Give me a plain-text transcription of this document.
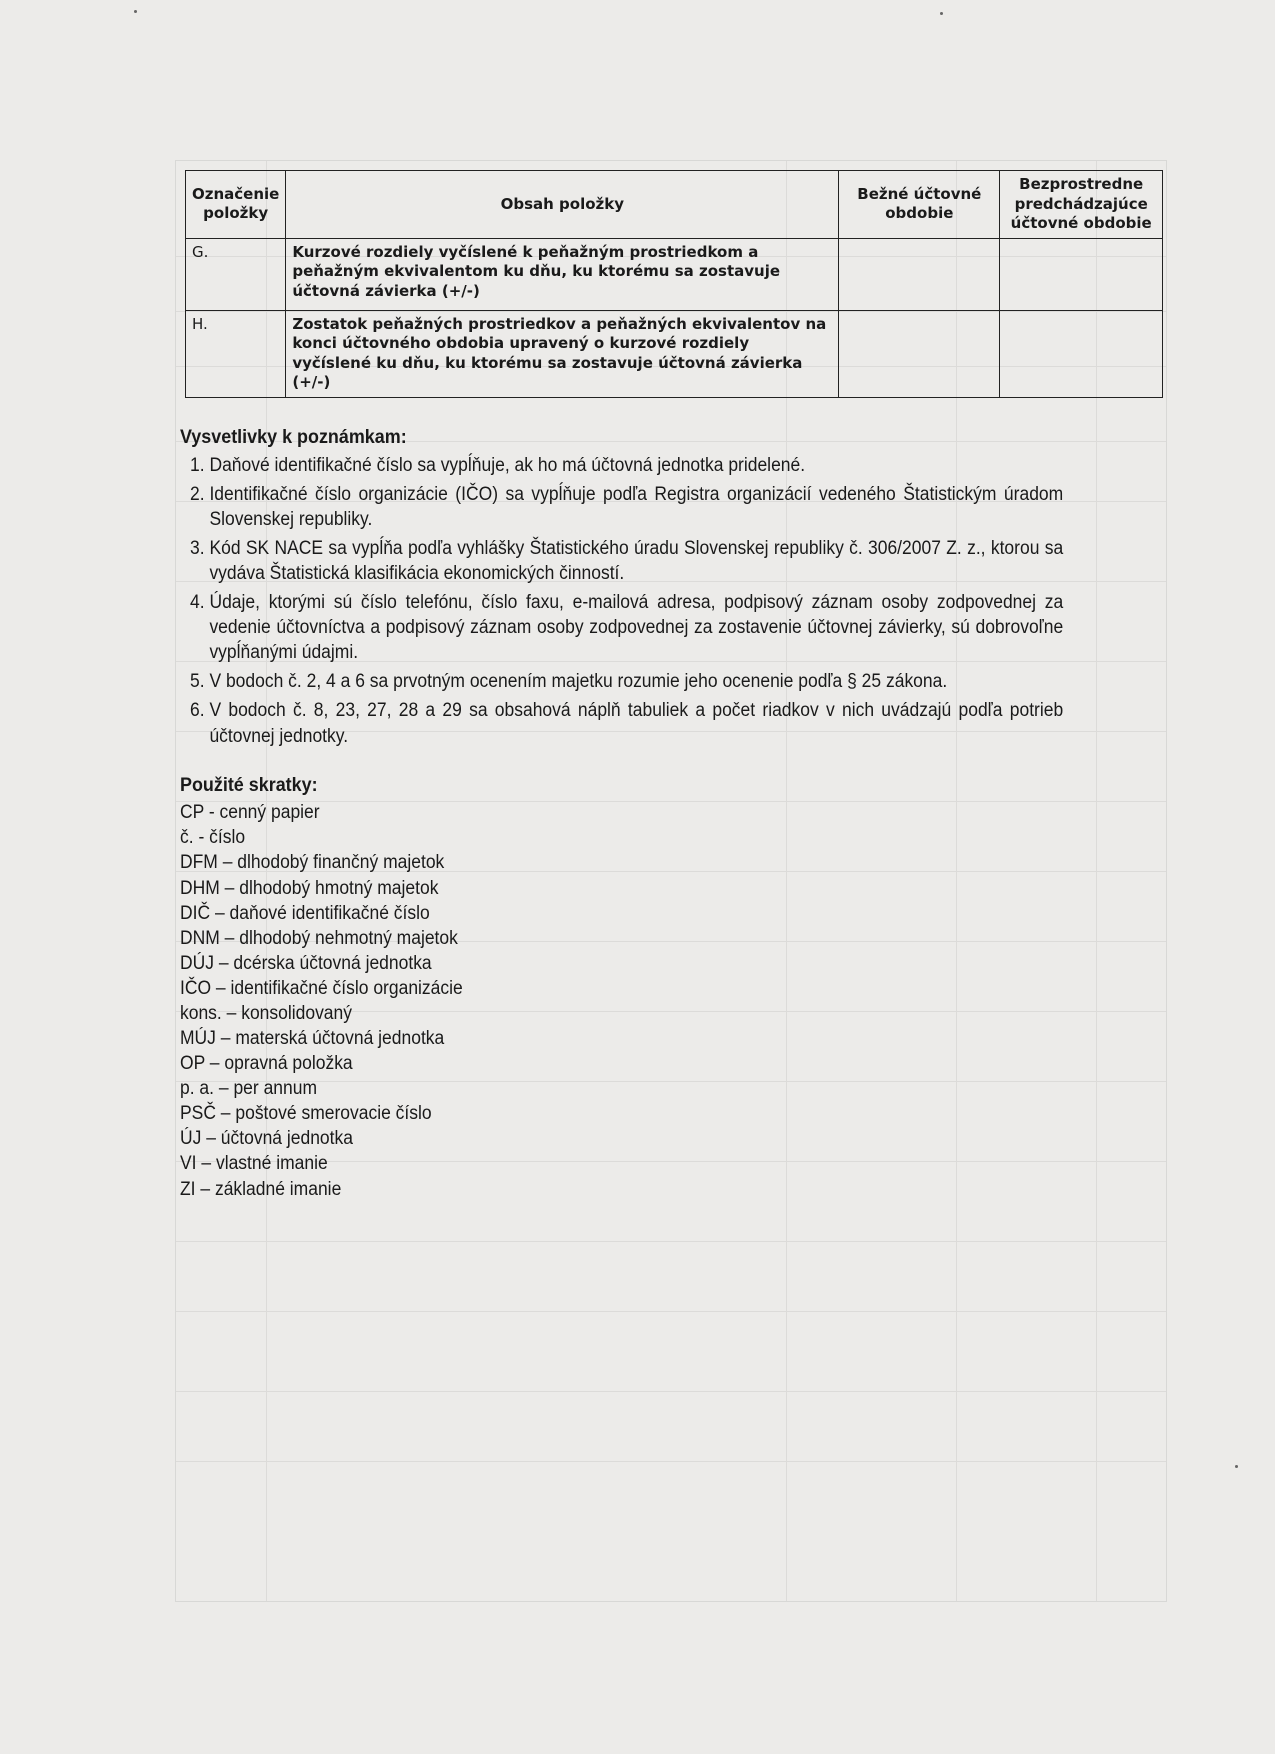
Označenie položky	Obsah položky	Bežné účtovné obdobie	Bezprostredne predchádzajúce účtovné obdobie
G.	Kurzové rozdiely vyčíslené k peňažným prostriedkom a peňažným ekvivalentom ku dňu, ku ktorému sa zostavuje účtovná závierka (+/-)		
H.	Zostatok peňažných prostriedkov a peňažných ekvivalentov na konci účtovného obdobia upravený o kurzové rozdiely vyčíslené ku dňu, ku ktorému sa zostavuje účtovná závierka (+/-)		
Vysvetlivky k poznámkam:
1. Daňové identifikačné číslo sa vypĺňuje, ak ho má účtovná jednotka pridelené.
2. Identifikačné číslo organizácie (IČO) sa vypĺňuje podľa Registra organizácií vedeného Štatistickým úradom Slovenskej republiky.
3. Kód SK NACE sa vypĺňa podľa vyhlášky Štatistického úradu Slovenskej republiky č. 306/2007 Z. z., ktorou sa vydáva Štatistická klasifikácia ekonomických činností.
4. Údaje, ktorými sú číslo telefónu, číslo faxu, e-mailová adresa, podpisový záznam osoby zodpovednej za vedenie účtovníctva a podpisový záznam osoby zodpovednej za zostavenie účtovnej závierky, sú dobrovoľne vypĺňanými údajmi.
5. V bodoch č. 2, 4 a 6 sa prvotným ocenením majetku rozumie jeho ocenenie podľa § 25 zákona.
6. V bodoch č. 8, 23, 27, 28 a 29 sa obsahová náplň tabuliek a počet riadkov v nich uvádzajú podľa potrieb účtovnej jednotky.
Použité skratky:
CP - cenný papier
č. - číslo
DFM – dlhodobý finančný majetok
DHM – dlhodobý hmotný majetok
DIČ – daňové identifikačné číslo
DNM – dlhodobý nehmotný majetok
DÚJ – dcérska účtovná jednotka
IČO – identifikačné číslo organizácie
kons. – konsolidovaný
MÚJ – materská účtovná jednotka
OP – opravná položka
p. a. – per annum
PSČ – poštové smerovacie číslo
ÚJ – účtovná jednotka
VI – vlastné imanie
ZI – základné imanie
